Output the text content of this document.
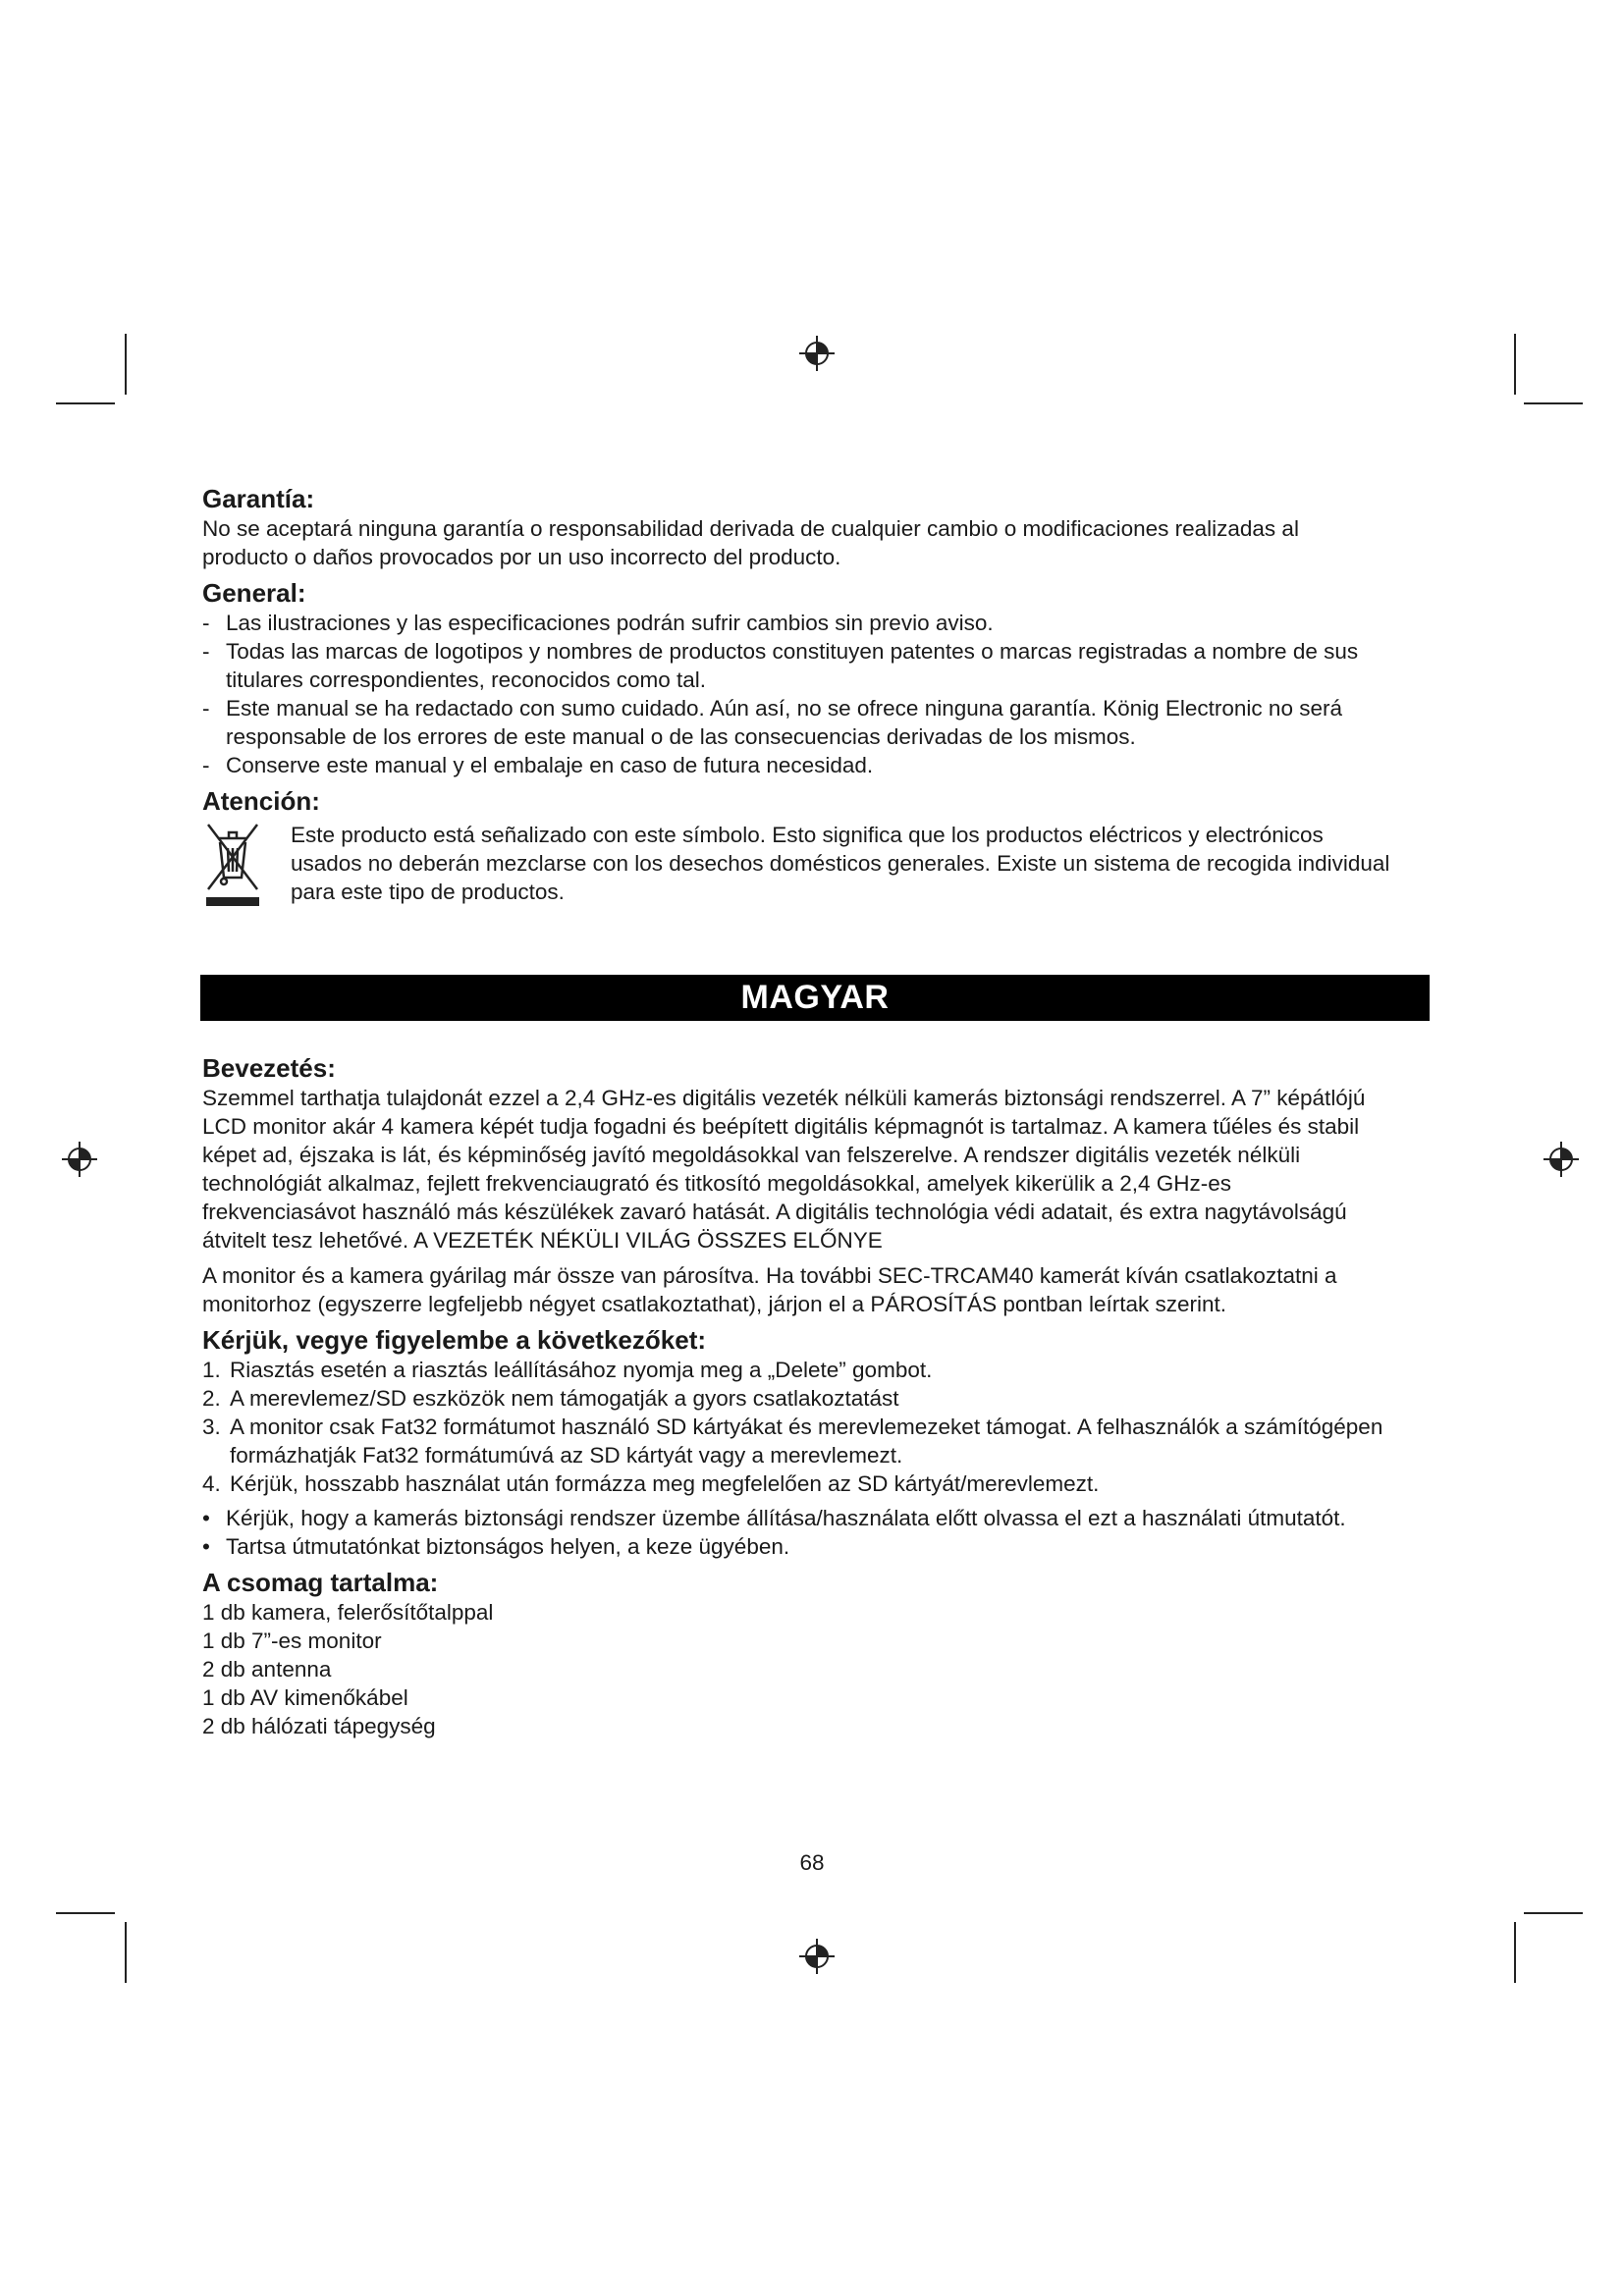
Garantía:

No se aceptará ninguna garantía o responsabilidad derivada de cualquier cambio o modificaciones realizadas al

producto o daños provocados por un uso incorrecto del producto.

General:
- Las ilustraciones y las especificaciones podrán sufrir cambios sin previo aviso.
- Todas las marcas de logotipos y nombres de productos constituyen patentes o marcas registradas a nombre de sus
titulares correspondientes, reconocidos como tal.
- Este manual se ha redactado con sumo cuidado. Aún así, no se ofrece ninguna garantía. König Electronic no será
responsable de los errores de este manual o de las consecuencias derivadas de los mismos.
- Conserve este manual y el embalaje en caso de futura necesidad.
Atención:

Este producto está señalizado con este símbolo. Esto significa que los productos eléctricos y electrónicos

usados no deberán mezclarse con los desechos domésticos generales. Existe un sistema de recogida individual

para este tipo de productos.

MAGYAR
Bevezetés:

Szemmel tarthatja tulajdonát ezzel a 2,4 GHz-es digitális vezeték nélküli kamerás biztonsági rendszerrel. A 7” képátlójú

LCD monitor akár 4 kamera képét tudja fogadni és beépített digitális képmagnót is tartalmaz. A kamera tűéles és stabil

képet ad, éjszaka is lát, és képminőség javító megoldásokkal van felszerelve. A rendszer digitális vezeték nélküli

technológiát alkalmaz, fejlett frekvenciaugrató és titkosító megoldásokkal, amelyek kikerülik a 2,4 GHz-es

frekvenciasávot használó más készülékek zavaró hatását. A digitális technológia védi adatait, és extra nagytávolságú

átvitelt tesz lehetővé. A VEZETÉK NÉKÜLI VILÁG ÖSSZES ELŐNYE

A monitor és a kamera gyárilag már össze van párosítva. Ha további SEC-TRCAM40 kamerát kíván csatlakoztatni a

monitorhoz (egyszerre legfeljebb négyet csatlakoztathat), járjon el a PÁROSÍTÁS pontban leírtak szerint.

Kérjük, vegye figyelembe a következőket:
1. Riasztás esetén a riasztás leállításához nyomja meg a „Delete” gombot.
2. A merevlemez/SD eszközök nem támogatják a gyors csatlakoztatást
3. A monitor csak Fat32 formátumot használó SD kártyákat és merevlemezeket támogat. A felhasználók a számítógépen
formázhatják Fat32 formátumúvá az SD kártyát vagy a merevlemezt.
4. Kérjük, hosszabb használat után formázza meg megfelelően az SD kártyát/merevlemezt.
• Kérjük, hogy a kamerás biztonsági rendszer üzembe állítása/használata előtt olvassa el ezt a használati útmutatót.
• Tartsa útmutatónkat biztonságos helyen, a keze ügyében.
A csomag tartalma:

1 db kamera, felerősítőtalppal

1 db 7”-es monitor

2 db antenna

1 db AV kimenőkábel

2 db hálózati tápegység

68
